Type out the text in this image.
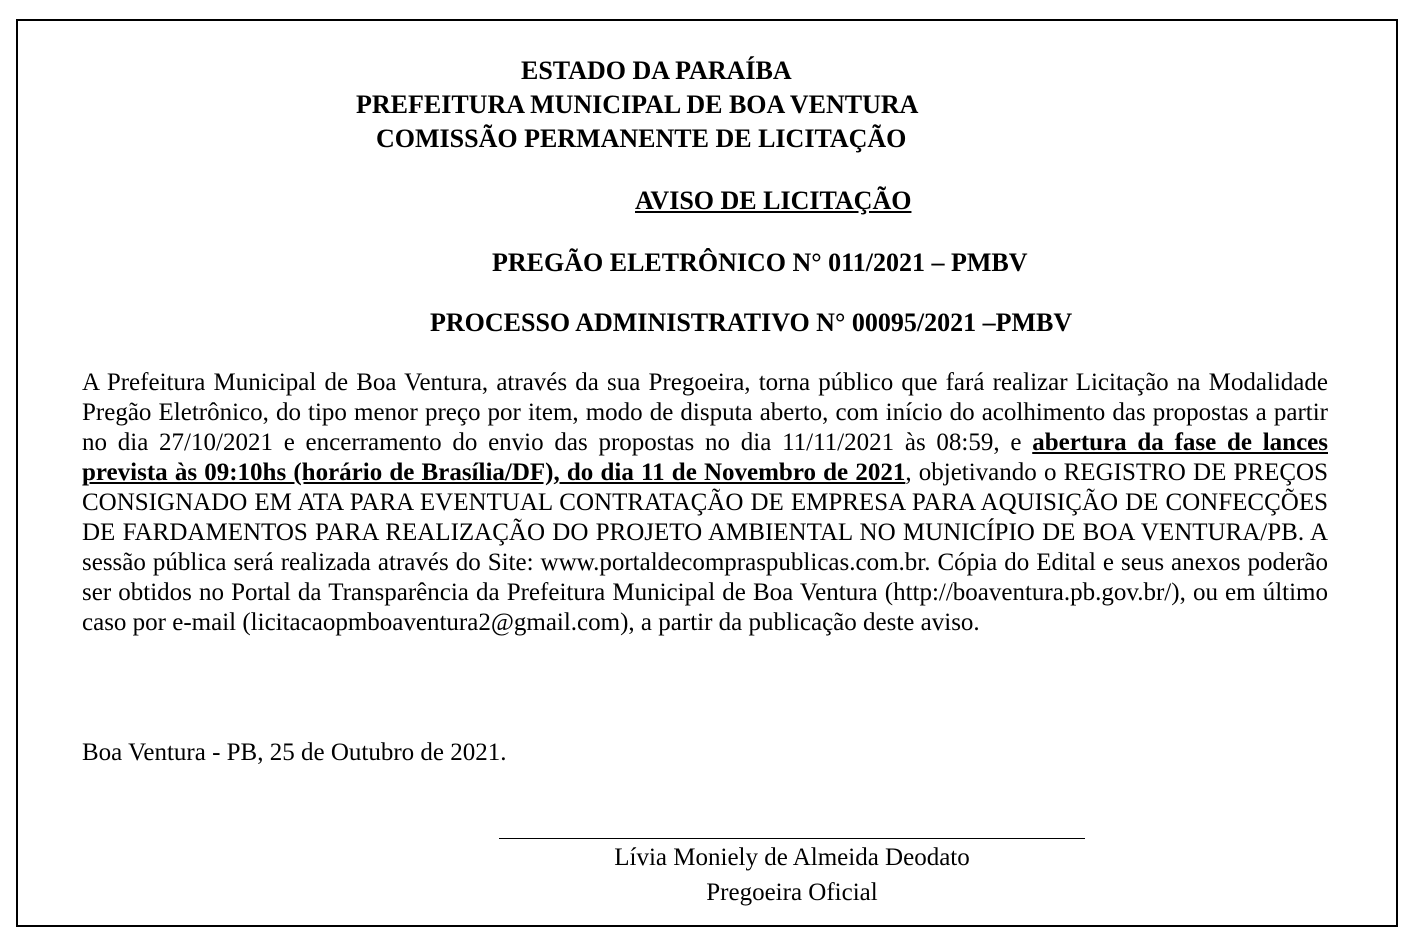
ESTADO DA PARAÍBA
PREFEITURA MUNICIPAL DE BOA VENTURA
COMISSÃO PERMANENTE DE LICITAÇÃO
AVISO DE LICITAÇÃO
PREGÃO ELETRÔNICO N° 011/2021 – PMBV
PROCESSO ADMINISTRATIVO N° 00095/2021 –PMBV
A Prefeitura Municipal de Boa Ventura, através da sua Pregoeira, torna público que fará realizar Licitação na Modalidade Pregão Eletrônico, do tipo menor preço por item, modo de disputa aberto, com início do acolhimento das propostas a partir no dia 27/10/2021 e encerramento do envio das propostas no dia 11/11/2021 às 08:59, e abertura da fase de lances prevista às 09:10hs (horário de Brasília/DF), do dia 11 de Novembro de 2021, objetivando o REGISTRO DE PREÇOS CONSIGNADO EM ATA PARA EVENTUAL CONTRATAÇÃO DE EMPRESA PARA AQUISIÇÃO DE CONFECÇÕES DE FARDAMENTOS PARA REALIZAÇÃO DO PROJETO AMBIENTAL NO MUNICÍPIO DE BOA VENTURA/PB. A sessão pública será realizada através do Site: www.portaldecompraspublicas.com.br. Cópia do Edital e seus anexos poderão ser obtidos no Portal da Transparência da Prefeitura Municipal de Boa Ventura (http://boaventura.pb.gov.br/), ou em último caso por e-mail (licitacaopmboaventura2@gmail.com), a partir da publicação deste aviso.
Boa Ventura - PB, 25 de Outubro de 2021.
Lívia Moniely de Almeida Deodato
Pregoeira Oficial
